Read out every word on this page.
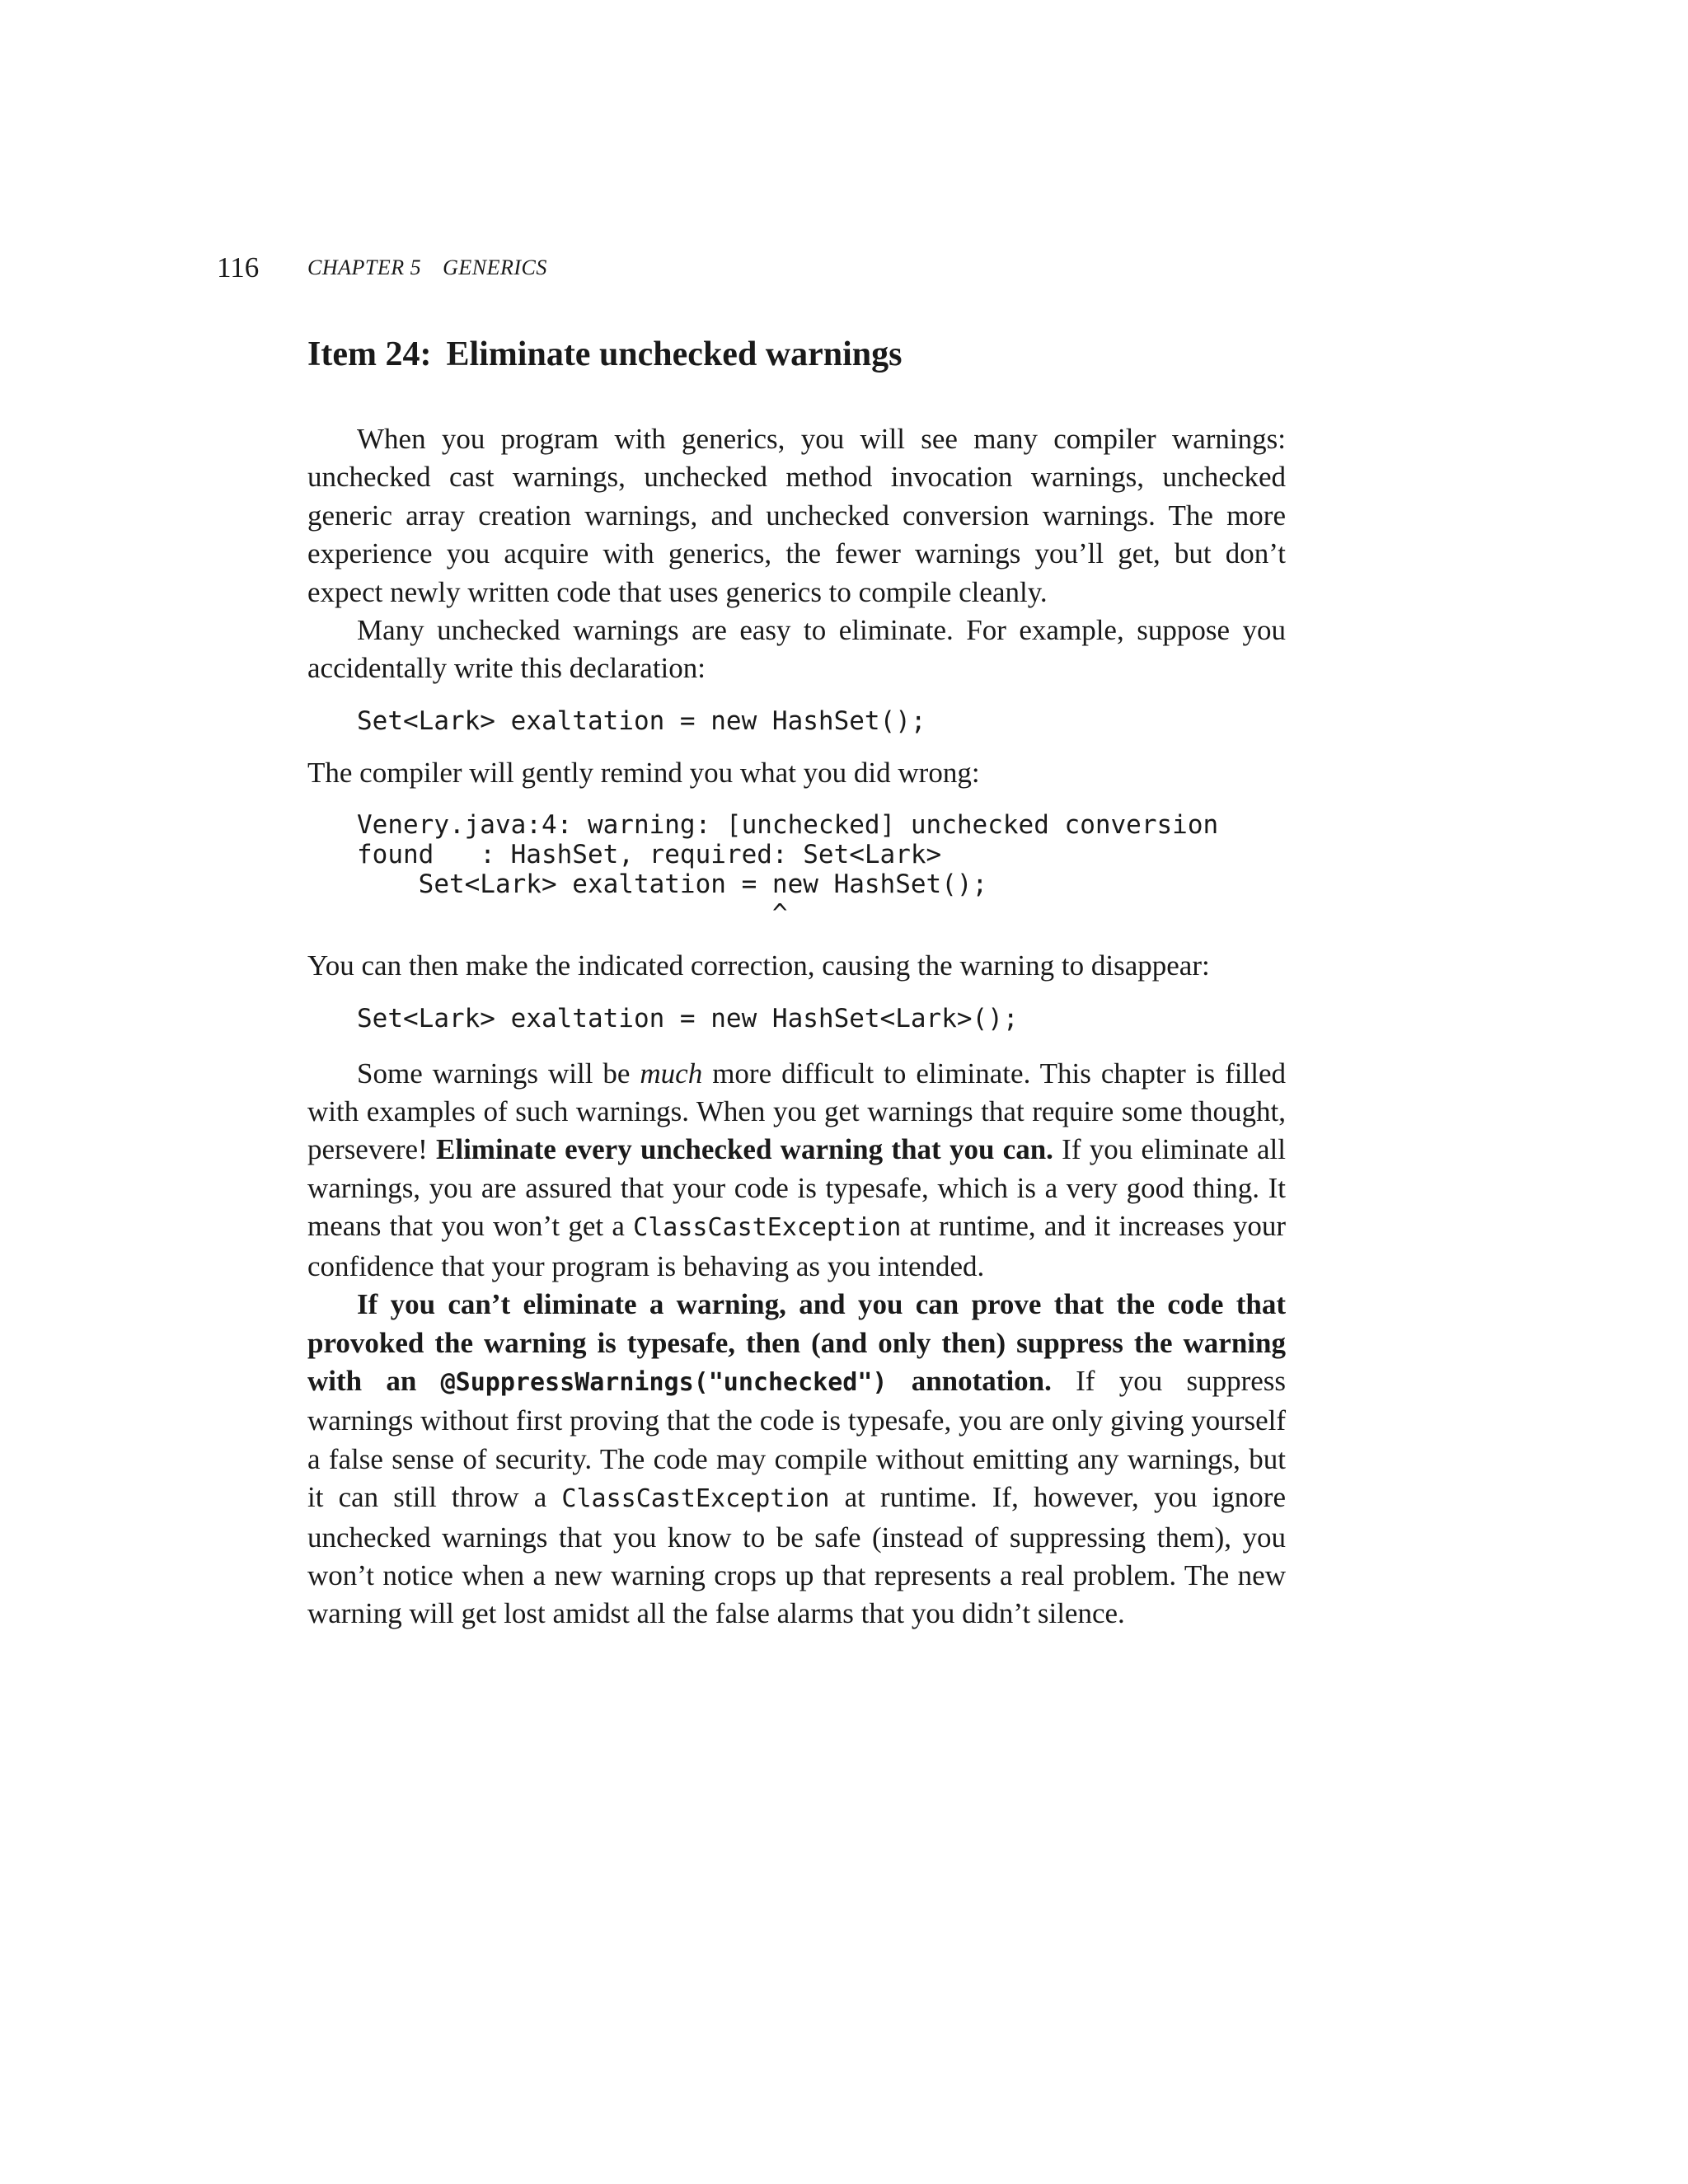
116 CHAPTER 5 GENERICS
Item 24: Eliminate unchecked warnings

When you program with generics, you will see many compiler warnings: unchecked cast warnings, unchecked method invocation warnings, unchecked generic array creation warnings, and unchecked conversion warnings. The more experience you acquire with generics, the fewer warnings you’ll get, but don’t expect newly written code that uses generics to compile cleanly.

Many unchecked warnings are easy to eliminate. For example, suppose you accidentally write this declaration:

Set<Lark> exaltation = new HashSet();

The compiler will gently remind you what you did wrong:

Venery.java:4: warning: [unchecked] unchecked conversion
found   : HashSet, required: Set<Lark>
Set<Lark> exaltation = new HashSet();
^

You can then make the indicated correction, causing the warning to disappear:

Set<Lark> exaltation = new HashSet<Lark>();

Some warnings will be much more difficult to eliminate. This chapter is filled with examples of such warnings. When you get warnings that require some thought, persevere! Eliminate every unchecked warning that you can. If you eliminate all warnings, you are assured that your code is typesafe, which is a very good thing. It means that you won’t get a ClassCastException at runtime, and it increases your confidence that your program is behaving as you intended.

If you can’t eliminate a warning, and you can prove that the code that provoked the warning is typesafe, then (and only then) suppress the warning with an @SuppressWarnings("unchecked") annotation. If you suppress warnings without first proving that the code is typesafe, you are only giving yourself a false sense of security. The code may compile without emitting any warnings, but it can still throw a ClassCastException at runtime. If, however, you ignore unchecked warnings that you know to be safe (instead of suppressing them), you won’t notice when a new warning crops up that represents a real problem. The new warning will get lost amidst all the false alarms that you didn’t silence.
